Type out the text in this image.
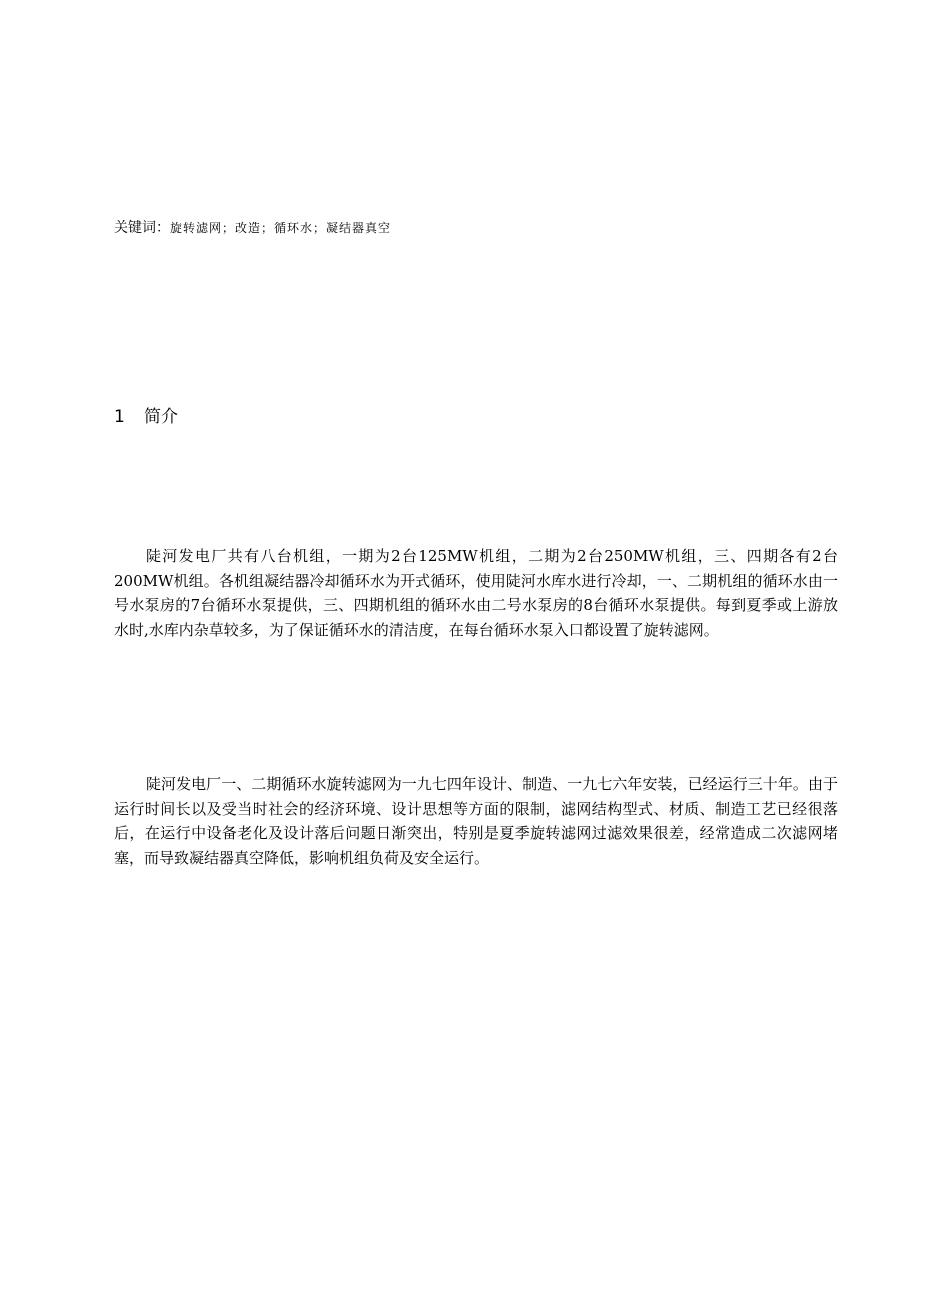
关键词：旋转滤网；改造；循环水；凝结器真空
1 简介

陡河发电厂共有八台机组，一期为2台125MW机组，二期为2台250MW机组，三、四期各有2台200MW机组。各机组凝结器冷却循环水为开式循环，使用陡河水库水进行冷却，一、二期机组的循环水由一号水泵房的7台循环水泵提供，三、四期机组的循环水由二号水泵房的8台循环水泵提供。每到夏季或上游放水时,水库内杂草较多，为了保证循环水的清洁度，在每台循环水泵入口都设置了旋转滤网。

陡河发电厂一、二期循环水旋转滤网为一九七四年设计、制造、一九七六年安装，已经运行三十年。由于运行时间长以及受当时社会的经济环境、设计思想等方面的限制，滤网结构型式、材质、制造工艺已经很落后，在运行中设备老化及设计落后问题日渐突出，特别是夏季旋转滤网过滤效果很差，经常造成二次滤网堵塞，而导致凝结器真空降低，影响机组负荷及安全运行。
